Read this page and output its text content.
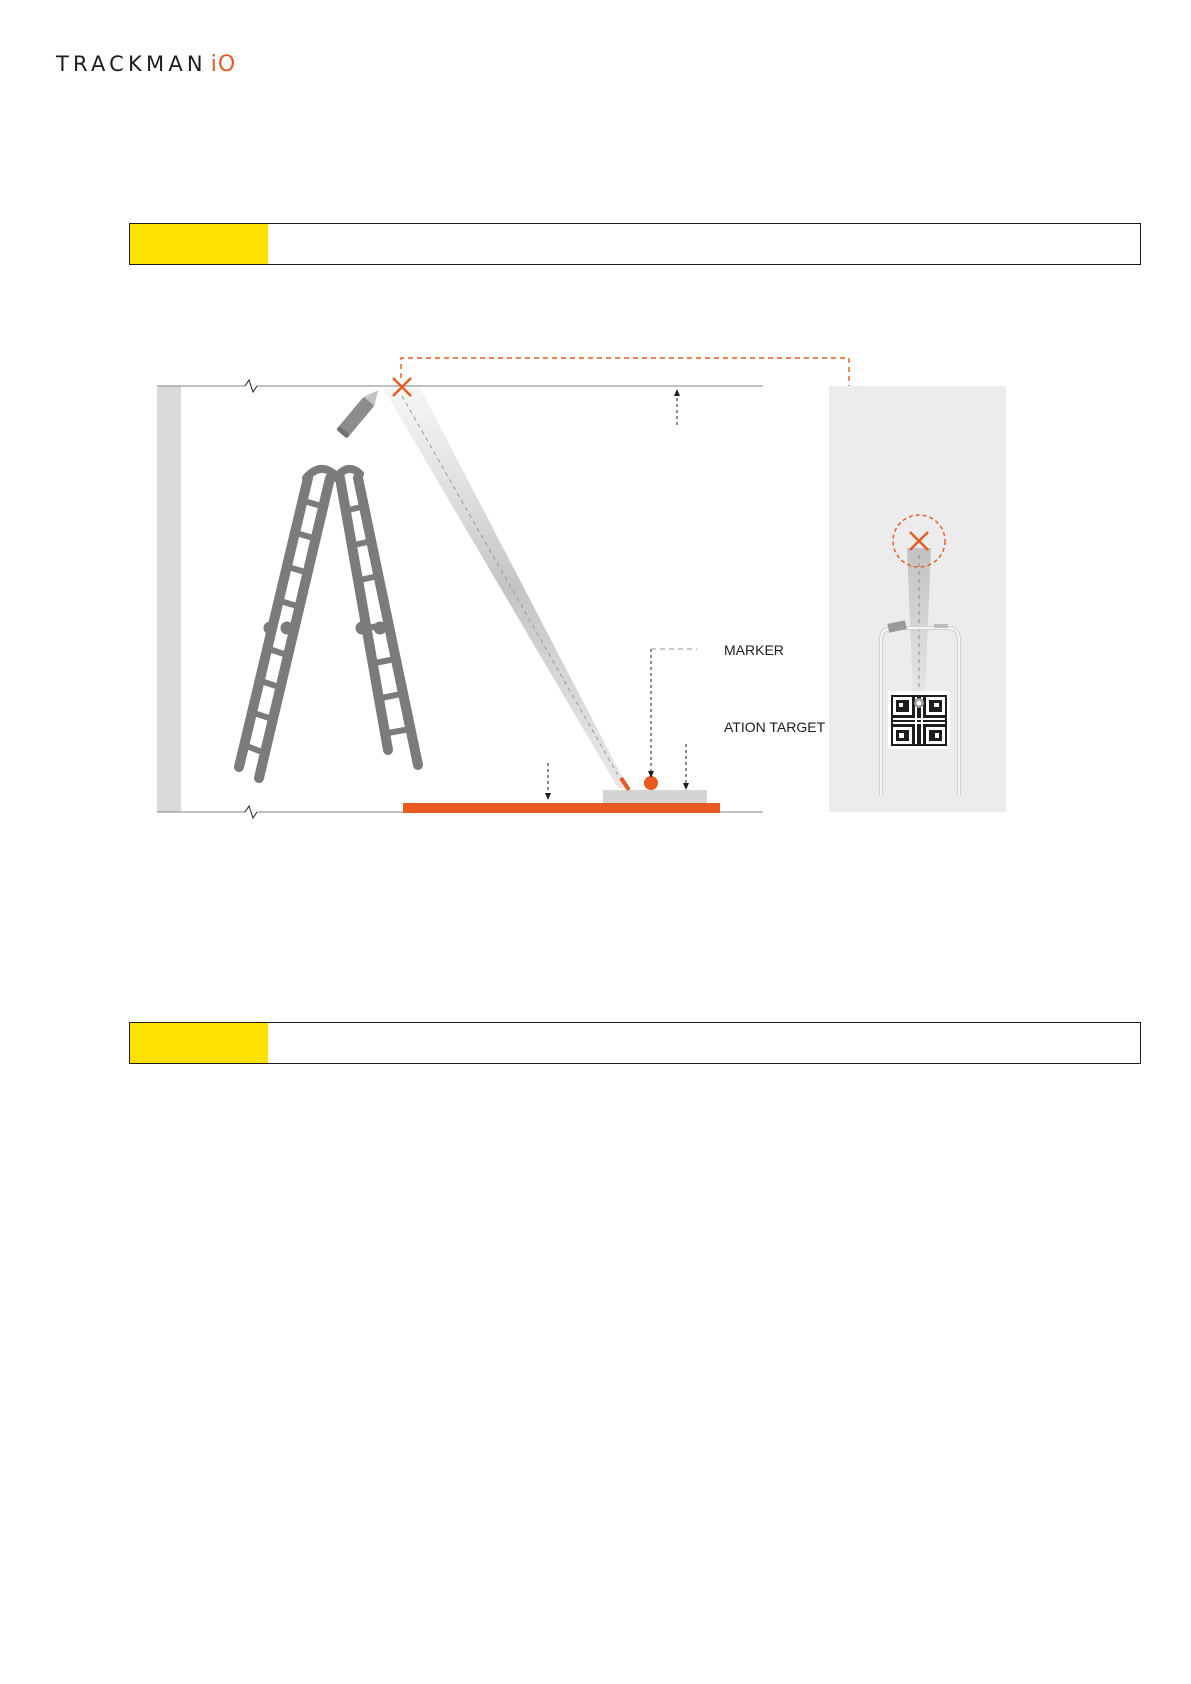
TRACKMAN iO
MARKER
ATION TARGET
